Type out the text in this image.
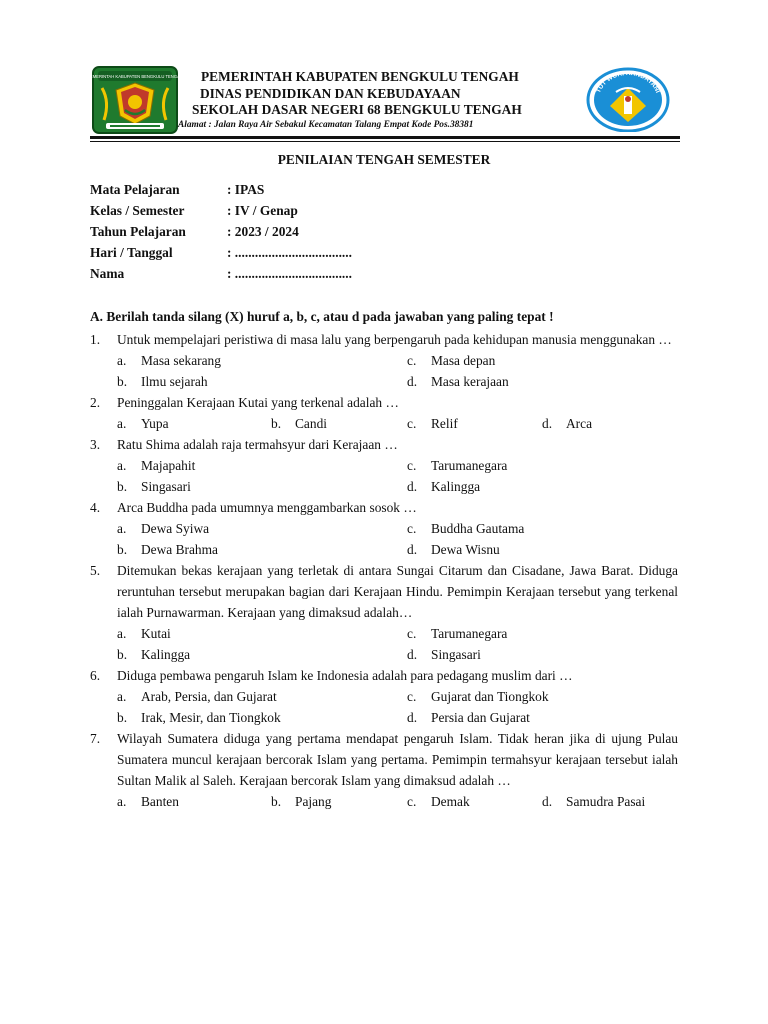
PEMERINTAH KABUPATEN BENGKULU TENGAH	PEMERINTAH KABUPATEN BENGKULU TENGAH
DINAS PENDIDIKAN DAN KEBUDAYAAN
SEKOLAH DASAR NEGERI 68 BENGKULU TENGAH
Alamat : Jalan Raya Air Sebakul Kecamatan Talang Empat Kode Pos.38381
TUT WURI HANDAYANI
PENILAIAN TENGAH SEMESTER
Mata Pelajaran	: IPAS
Kelas / Semester	: IV / Genap
Tahun Pelajaran	: 2023 / 2024
Hari / Tanggal	: ...................................
Nama	: ...................................
A. Berilah tanda silang (X) huruf a, b, c, atau d pada jawaban yang paling tepat !
1.	Untuk mempelajari peristiwa di masa lalu yang berpengaruh pada kehidupan manusia menggunakan …
a. Masa sekarang	c. Masa depan
b. Ilmu sejarah	d. Masa kerajaan
2.	Peninggalan Kerajaan Kutai yang terkenal adalah …
a. Yupa	b. Candi	c. Relif	d. Arca
3.	Ratu Shima adalah raja termahsyur dari Kerajaan …
a. Majapahit	c. Tarumanegara
b. Singasari	d. Kalingga
4.	Arca Buddha pada umumnya menggambarkan sosok …
a. Dewa Syiwa	c. Buddha Gautama
b. Dewa Brahma	d. Dewa Wisnu
5.	Ditemukan bekas kerajaan yang terletak di antara Sungai Citarum dan Cisadane, Jawa Barat. Diduga reruntuhan tersebut merupakan bagian dari Kerajaan Hindu. Pemimpin Kerajaan tersebut yang terkenal ialah Purnawarman. Kerajaan yang dimaksud adalah…
a. Kutai	c. Tarumanegara
b. Kalingga	d. Singasari
6.	Diduga pembawa pengaruh Islam ke Indonesia adalah para pedagang muslim dari …
a. Arab, Persia, dan Gujarat	c. Gujarat dan Tiongkok
b. Irak, Mesir, dan Tiongkok	d. Persia dan Gujarat
7.	Wilayah Sumatera diduga yang pertama mendapat pengaruh Islam. Tidak heran jika di ujung Pulau Sumatera muncul kerajaan bercorak Islam yang pertama. Pemimpin termahsyur kerajaan tersebut ialah Sultan Malik al Saleh. Kerajaan bercorak Islam yang dimaksud adalah …
a. Banten	b. Pajang	c. Demak	d. Samudra Pasai
